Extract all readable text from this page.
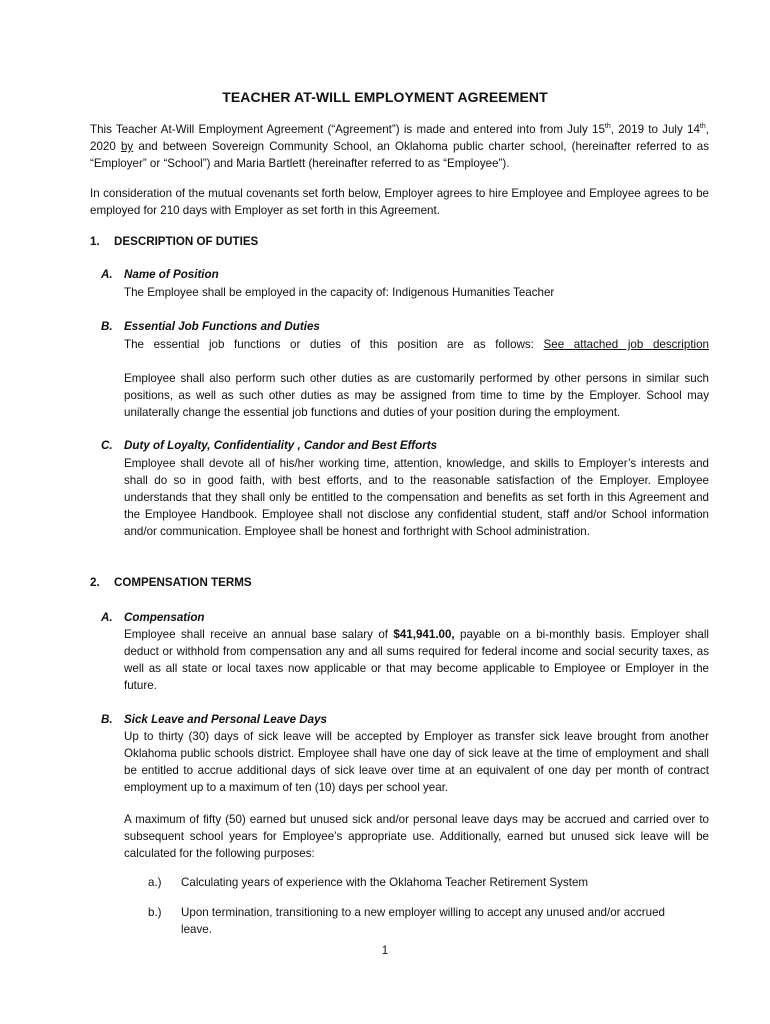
TEACHER AT-WILL EMPLOYMENT AGREEMENT
This Teacher At-Will Employment Agreement (“Agreement”) is made and entered into from July 15th, 2019 to July 14th, 2020 by and between Sovereign Community School, an Oklahoma public charter school, (hereinafter referred to as “Employer” or “School”) and Maria Bartlett (hereinafter referred to as “Employee”).
In consideration of the mutual covenants set forth below, Employer agrees to hire Employee and Employee agrees to be employed for 210 days with Employer as set forth in this Agreement.
1. DESCRIPTION OF DUTIES
A. Name of Position
The Employee shall be employed in the capacity of: Indigenous Humanities Teacher
B. Essential Job Functions and Duties
The essential job functions or duties of this position are as follows: See attached job description
Employee shall also perform such other duties as are customarily performed by other persons in similar such positions, as well as such other duties as may be assigned from time to time by the Employer. School may unilaterally change the essential job functions and duties of your position during the employment.
C. Duty of Loyalty, Confidentiality , Candor and Best Efforts
Employee shall devote all of his/her working time, attention, knowledge, and skills to Employer’s interests and shall do so in good faith, with best efforts, and to the reasonable satisfaction of the Employer. Employee understands that they shall only be entitled to the compensation and benefits as set forth in this Agreement and the Employee Handbook. Employee shall not disclose any confidential student, staff and/or School information and/or communication. Employee shall be honest and forthright with School administration.
2. COMPENSATION TERMS
A. Compensation
Employee shall receive an annual base salary of $41,941.00, payable on a bi-monthly basis. Employer shall deduct or withhold from compensation any and all sums required for federal income and social security taxes, as well as all state or local taxes now applicable or that may become applicable to Employee or Employer in the future.
B. Sick Leave and Personal Leave Days
Up to thirty (30) days of sick leave will be accepted by Employer as transfer sick leave brought from another Oklahoma public schools district. Employee shall have one day of sick leave at the time of employment and shall be entitled to accrue additional days of sick leave over time at an equivalent of one day per month of contract employment up to a maximum of ten (10) days per school year.
A maximum of fifty (50) earned but unused sick and/or personal leave days may be accrued and carried over to subsequent school years for Employee’s appropriate use. Additionally, earned but unused sick leave will be calculated for the following purposes:
a.) Calculating years of experience with the Oklahoma Teacher Retirement System
b.) Upon termination, transitioning to a new employer willing to accept any unused and/or accrued leave.
1
